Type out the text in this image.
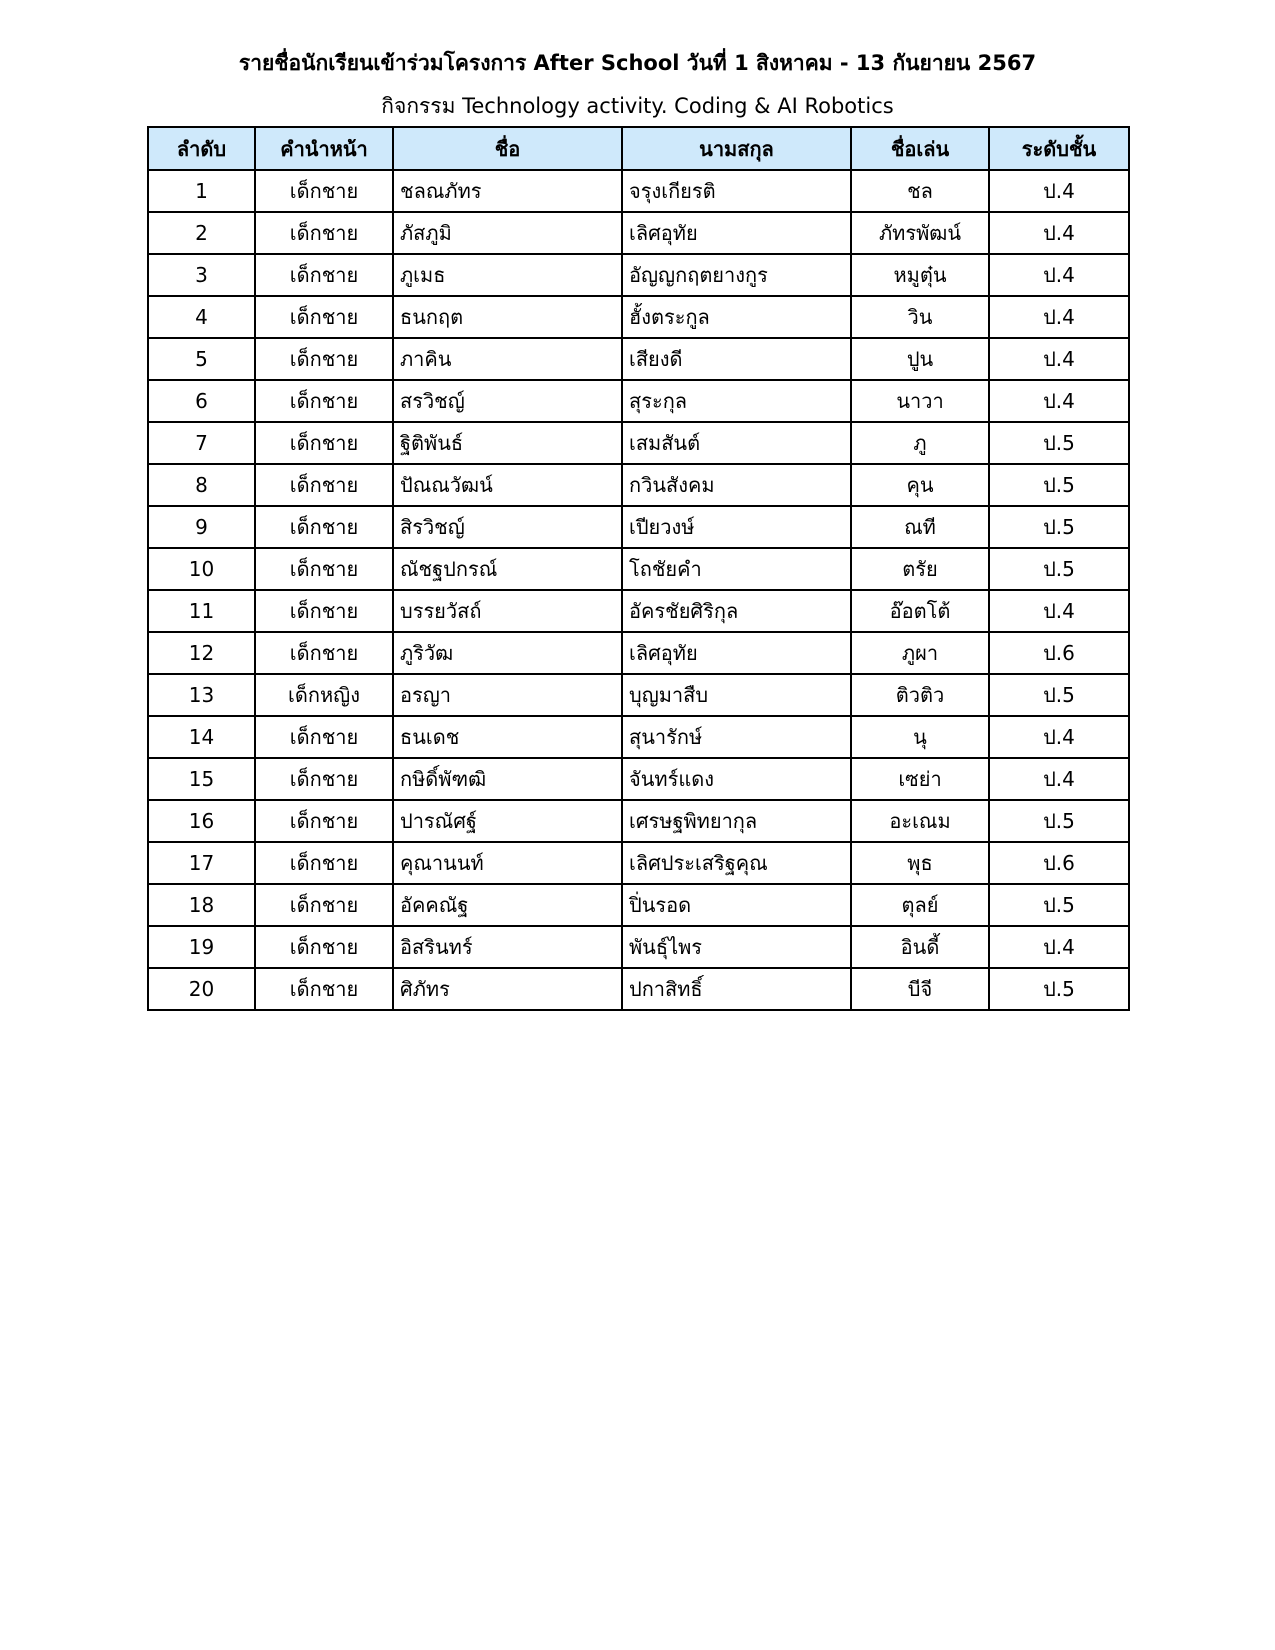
รายชื่อนักเรียนเข้าร่วมโครงการ After School วันที่ 1 สิงหาคม - 13 กันยายน 2567
กิจกรรม Technology activity. Coding & AI Robotics
ลำดับ	คำนำหน้า	ชื่อ	นามสกุล	ชื่อเล่น	ระดับชั้น
1	เด็กชาย	ชลณภัทร	จรุงเกียรติ	ชล	ป.4
2	เด็กชาย	ภัสภูมิ	เลิศอุทัย	ภัทรพัฒน์	ป.4
3	เด็กชาย	ภูเมธ	อัญญกฤตยางกูร	หมูตุ๋น	ป.4
4	เด็กชาย	ธนกฤต	ฮั้งตระกูล	วิน	ป.4
5	เด็กชาย	ภาคิน	เสียงดี	ปูน	ป.4
6	เด็กชาย	สรวิชญ์	สุระกุล	นาวา	ป.4
7	เด็กชาย	ฐิติพันธ์	เสมสันต์	ภู	ป.5
8	เด็กชาย	ปัณณวัฒน์	กวินสังคม	คุน	ป.5
9	เด็กชาย	สิรวิชญ์	เปียวงษ์	ณที	ป.5
10	เด็กชาย	ณัชฐปกรณ์	โถชัยคำ	ตรัย	ป.5
11	เด็กชาย	บรรยวัสถ์	อัครชัยศิริกุล	อ๊อตโต้	ป.4
12	เด็กชาย	ภูริวัฒ	เลิศอุทัย	ภูผา	ป.6
13	เด็กหญิง	อรญา	บุญมาสืบ	ติวติว	ป.5
14	เด็กชาย	ธนเดช	สุนารักษ์	นุ	ป.4
15	เด็กชาย	กษิดิ์พัฑฒิ	จันทร์แดง	เซย่า	ป.4
16	เด็กชาย	ปารณัศฐ์	เศรษฐพิทยากุล	อะเณม	ป.5
17	เด็กชาย	คุณานนท์	เลิศประเสริฐคุณ	พุธ	ป.6
18	เด็กชาย	อัคคณัฐ	ปิ่นรอด	ตุลย์	ป.5
19	เด็กชาย	อิสรินทร์	พันธุ์ไพร	อินดี้	ป.4
20	เด็กชาย	ศิภัทร	ปกาสิทธิ์	บีจี	ป.5
